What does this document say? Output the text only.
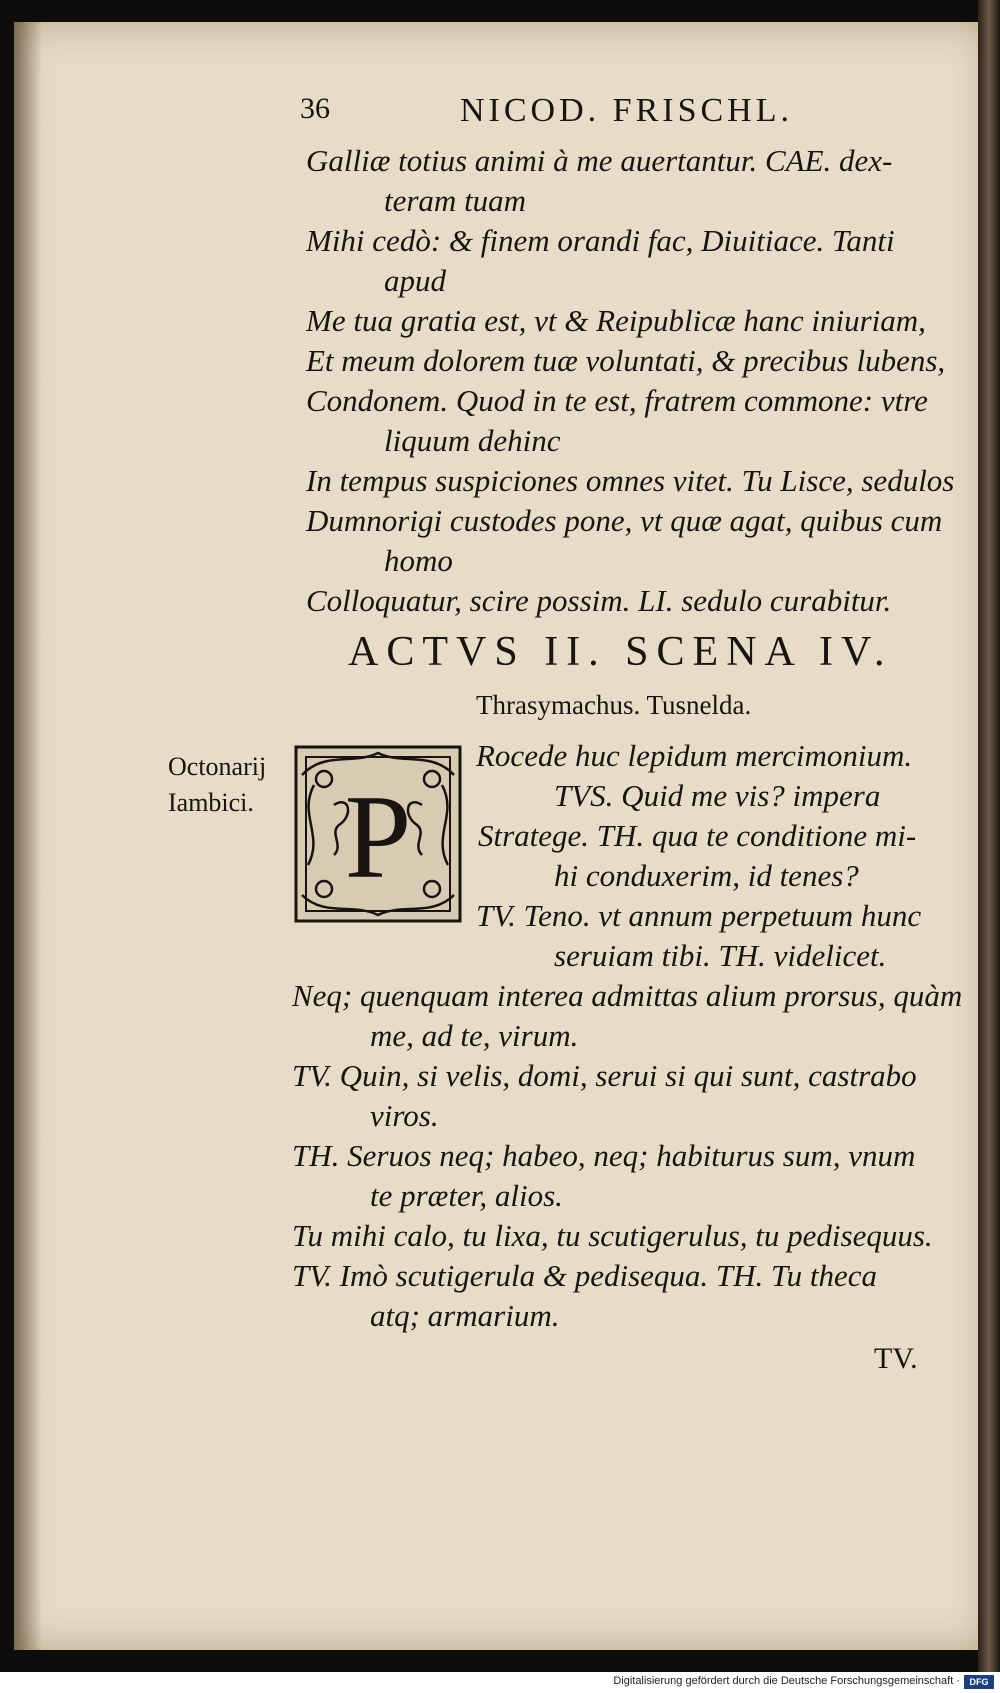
36	NICOD. FRISCHL.
Galliæ totius animi à me auertantur. CAE. dex-
teram tuam
Mihi cedò: & finem orandi fac, Diuitiace. Tanti
apud
Me tua gratia est, vt & Reipublicæ hanc iniuriam,
Et meum dolorem tuæ voluntati, & precibus lubens,
Condonem. Quod in te est, fratrem commone: vtre
liquum dehinc
In tempus suspiciones omnes vitet. Tu Lisce, sedulos
Dumnorigi custodes pone, vt quæ agat, quibus cum
homo
Colloquatur, scire possim. LI. sedulo curabitur.
ACTVS II. SCENA IV.
Thrasymachus. Tusnelda.
Octonarij
Iambici. P
Rocede huc lepidum mercimonium.
TVS. Quid me vis? impera
Stratege. TH. qua te conditione mi-
hi conduxerim, id tenes?
TV. Teno. vt annum perpetuum hunc
seruiam tibi. TH. videlicet.
Neq; quenquam interea admittas alium prorsus, quàm
me, ad te, virum.
TV. Quin, si velis, domi, serui si qui sunt, castrabo
viros.
TH. Seruos neq; habeo, neq; habiturus sum, vnum
te præter, alios.
Tu mihi calo, tu lixa, tu scutigerulus, tu pedisequus.
TV. Imò scutigerula & pedisequa. TH. Tu theca
atq; armarium.
TV.
Digitalisierung gefördert durch die Deutsche Forschungsgemeinschaft ·	DFG
